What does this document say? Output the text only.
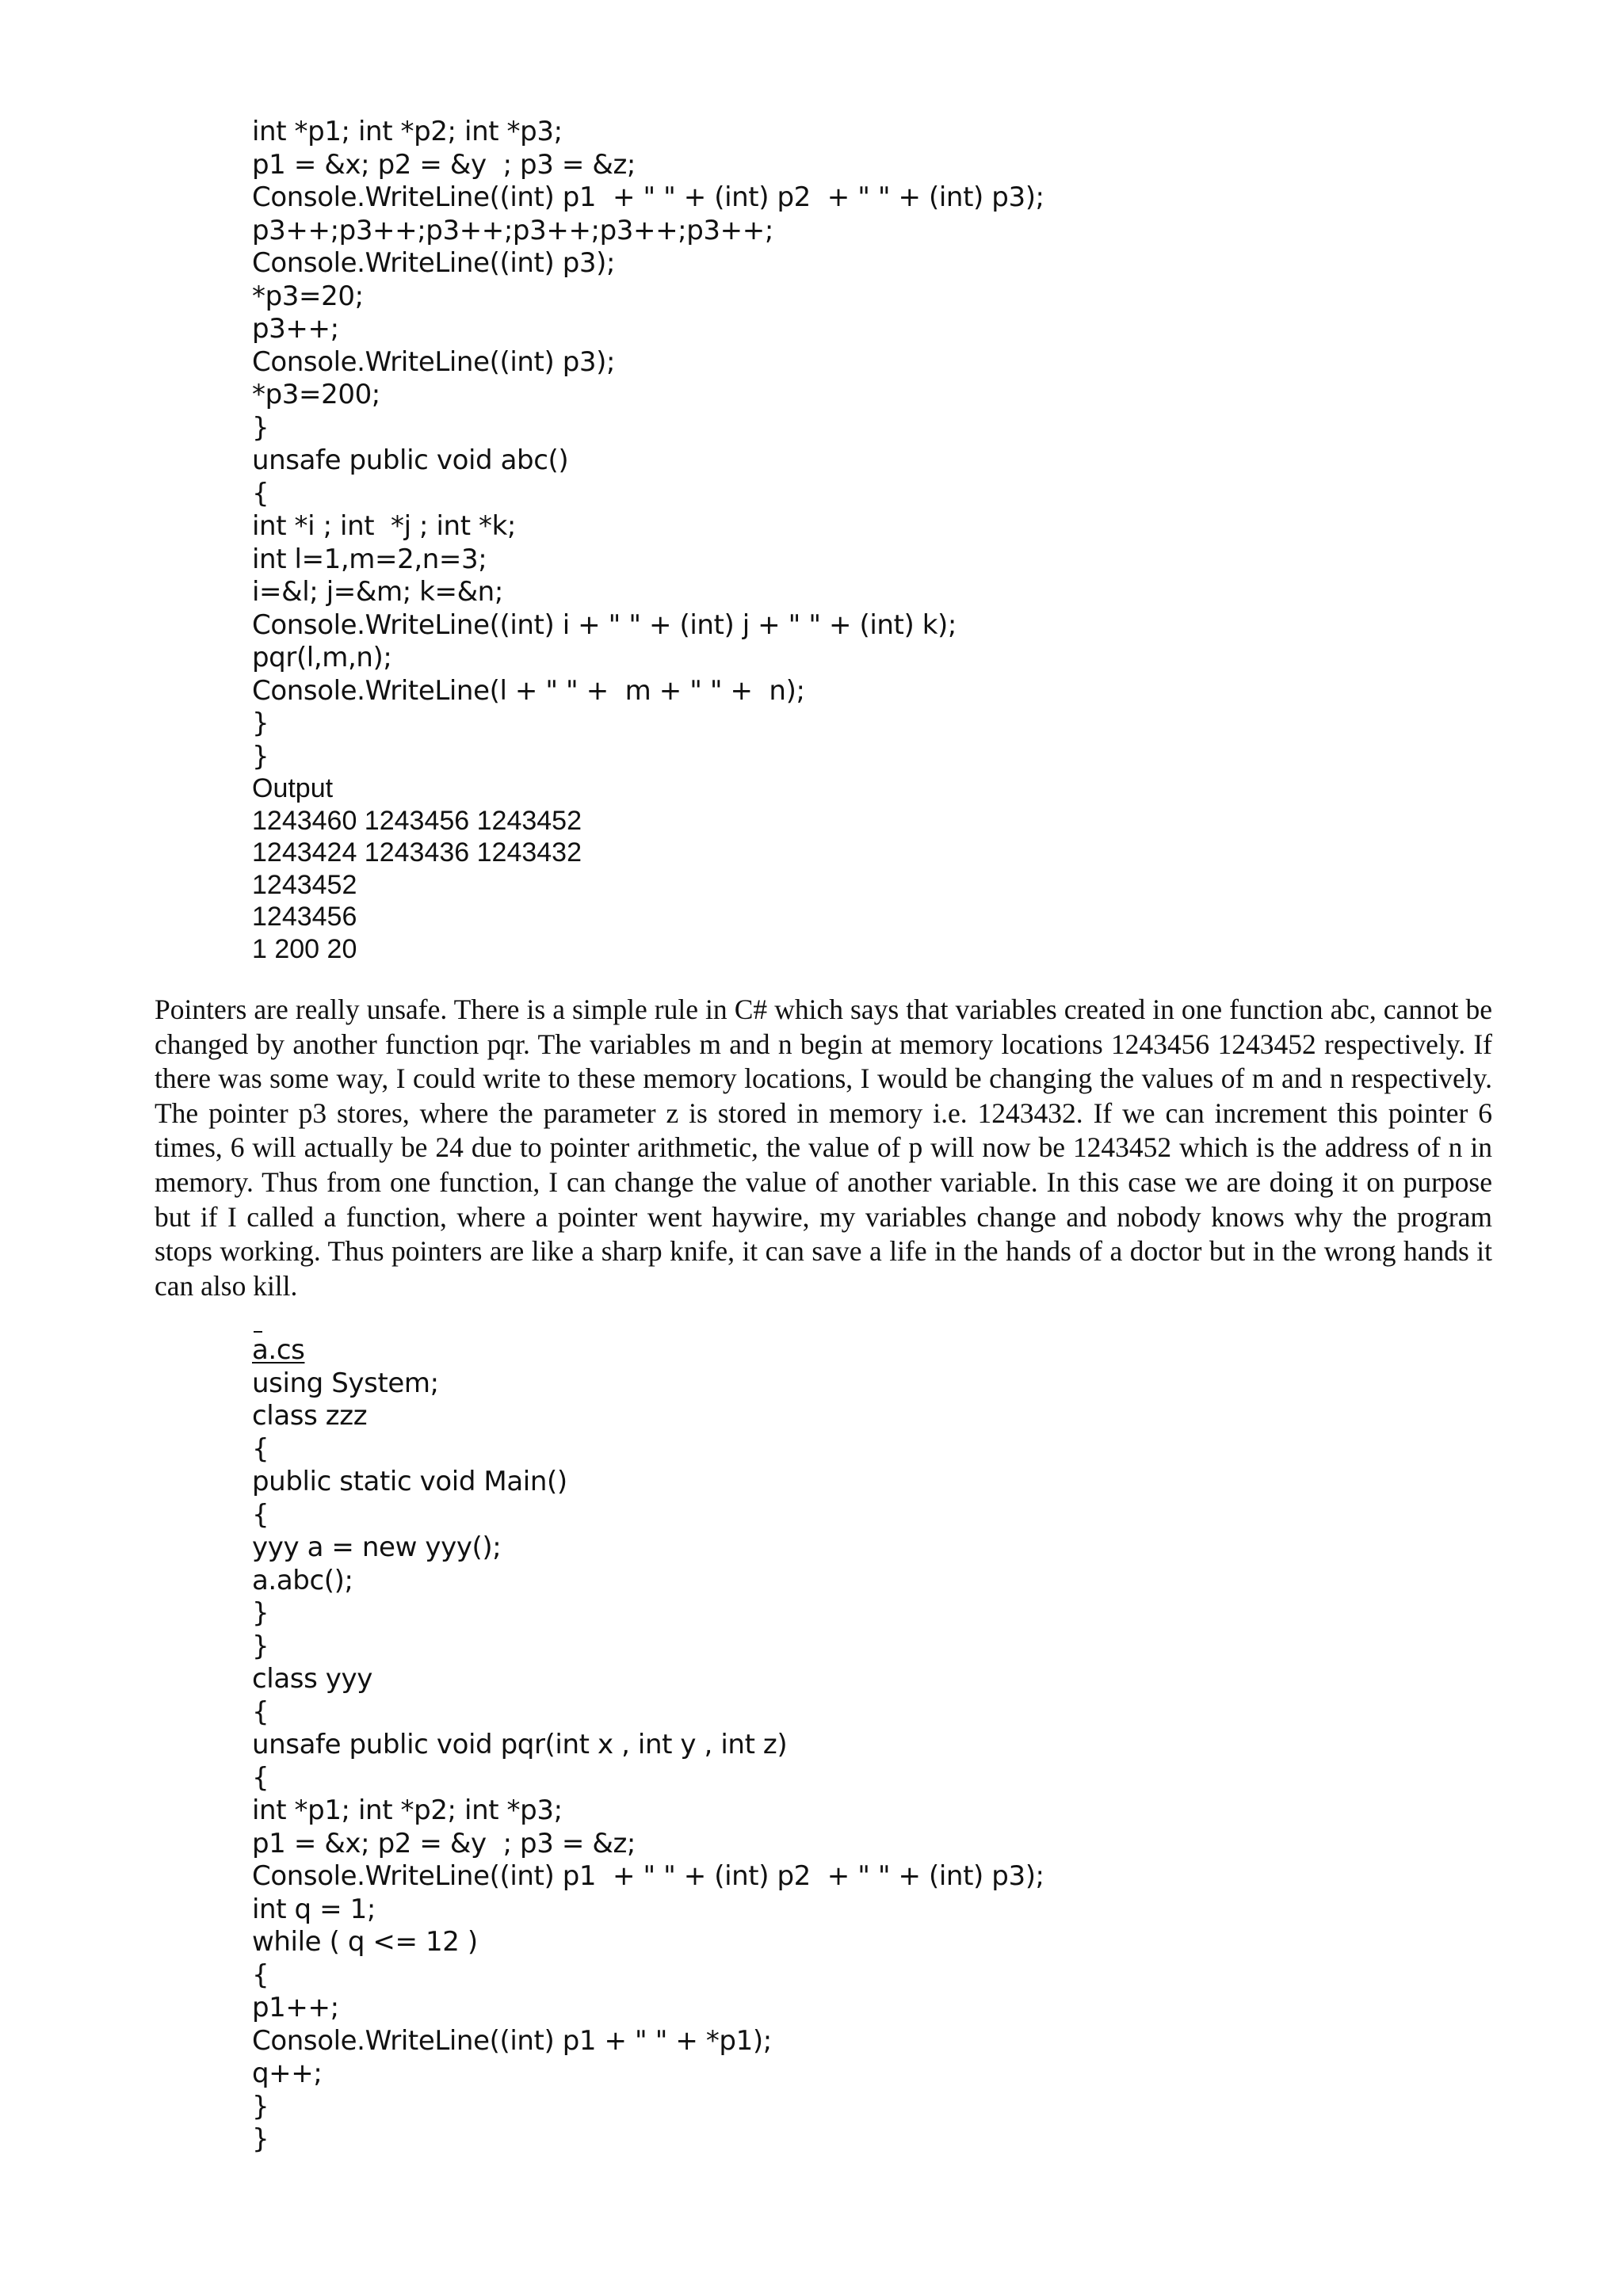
int *p1; int *p2; int *p3;
p1 = &x; p2 = &y  ; p3 = &z;
Console.WriteLine((int) p1  + " " + (int) p2  + " " + (int) p3);
p3++;p3++;p3++;p3++;p3++;p3++;
Console.WriteLine((int) p3);
*p3=20;
p3++;
Console.WriteLine((int) p3);
*p3=200;
}
unsafe public void abc()
{
int *i ; int  *j ; int *k;
int l=1,m=2,n=3;
i=&l; j=&m; k=&n;
Console.WriteLine((int) i + " " + (int) j + " " + (int) k);
pqr(l,m,n);
Console.WriteLine(l + " " +  m + " " +  n);
}
}
Output
1243460 1243456 1243452
1243424 1243436 1243432
1243452
1243456
1 200 20

Pointers are really unsafe. There is a simple rule in C# which says that variables created in one function abc, cannot be changed by another function pqr. The variables m and n begin at memory locations 1243456 1243452 respectively. If there was some way, I could write to these memory locations, I would be changing the values of m and n respectively. The pointer p3 stores, where the parameter z is stored in memory i.e. 1243432. If we can increment this pointer 6 times, 6 will actually be 24 due to pointer arithmetic, the value of p will now be 1243452 which is the address of n in memory. Thus from one function, I can change the value of another variable. In this case we are doing it on purpose but if I called a function, where a pointer went haywire, my variables change and nobody knows why the program stops working. Thus pointers are like a sharp knife, it can save a life in the hands of a doctor but in the wrong hands it can also kill.

a.cs
using System;
class zzz
{
public static void Main()
{
yyy a = new yyy();
a.abc();
}
}
class yyy
{
unsafe public void pqr(int x , int y , int z)
{
int *p1; int *p2; int *p3;
p1 = &x; p2 = &y  ; p3 = &z;
Console.WriteLine((int) p1  + " " + (int) p2  + " " + (int) p3);
int q = 1;
while ( q <= 12 )
{
p1++;
Console.WriteLine((int) p1 + " " + *p1);
q++;
}
}
